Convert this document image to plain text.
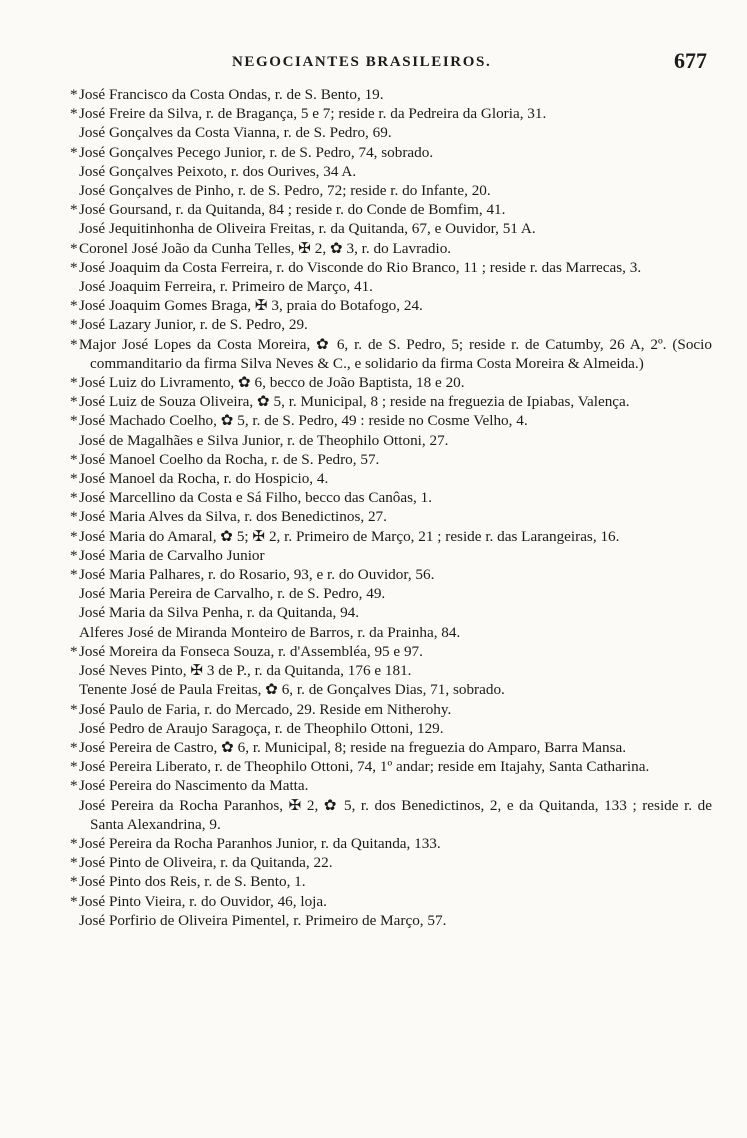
NEGOCIANTES BRASILEIROS.	677
*José Francisco da Costa Ondas, r. de S. Bento, 19.
*José Freire da Silva, r. de Bragança, 5 e 7; reside r. da Pedreira da Gloria, 31.
José Gonçalves da Costa Vianna, r. de S. Pedro, 69.
*José Gonçalves Pecego Junior, r. de S. Pedro, 74, sobrado.
José Gonçalves Peixoto, r. dos Ourives, 34 A.
José Gonçalves de Pinho, r. de S. Pedro, 72; reside r. do Infante, 20.
*José Goursand, r. da Quitanda, 84 ; reside r. do Conde de Bomfim, 41.
José Jequitinhonha de Oliveira Freitas, r. da Quitanda, 67, e Ouvidor, 51 A.
*Coronel José João da Cunha Telles, ✠ 2, ✿ 3, r. do Lavradio.
*José Joaquim da Costa Ferreira, r. do Visconde do Rio Branco, 11 ; reside r. das Marrecas, 3.
José Joaquim Ferreira, r. Primeiro de Março, 41.
*José Joaquim Gomes Braga, ✠ 3, praia do Botafogo, 24.
*José Lazary Junior, r. de S. Pedro, 29.
*Major José Lopes da Costa Moreira, ✿ 6, r. de S. Pedro, 5; reside r. de Catumby, 26 A, 2º. (Socio commanditario da firma Silva Neves & C., e solidario da firma Costa Moreira & Almeida.)
*José Luiz do Livramento, ✿ 6, becco de João Baptista, 18 e 20.
*José Luiz de Souza Oliveira, ✿ 5, r. Municipal, 8 ; reside na freguezia de Ipiabas, Valença.
*José Machado Coelho, ✿ 5, r. de S. Pedro, 49 : reside no Cosme Velho, 4.
José de Magalhães e Silva Junior, r. de Theophilo Ottoni, 27.
*José Manoel Coelho da Rocha, r. de S. Pedro, 57.
*José Manoel da Rocha, r. do Hospicio, 4.
*José Marcellino da Costa e Sá Filho, becco das Canôas, 1.
*José Maria Alves da Silva, r. dos Benedictinos, 27.
*José Maria do Amaral, ✿ 5; ✠ 2, r. Primeiro de Março, 21 ; reside r. das Larangeiras, 16.
*José Maria de Carvalho Junior
*José Maria Palhares, r. do Rosario, 93, e r. do Ouvidor, 56.
José Maria Pereira de Carvalho, r. de S. Pedro, 49.
José Maria da Silva Penha, r. da Quitanda, 94.
Alferes José de Miranda Monteiro de Barros, r. da Prainha, 84.
*José Moreira da Fonseca Souza, r. d'Assembléa, 95 e 97.
José Neves Pinto, ✠ 3 de P., r. da Quitanda, 176 e 181.
Tenente José de Paula Freitas, ✿ 6, r. de Gonçalves Dias, 71, sobrado.
*José Paulo de Faria, r. do Mercado, 29. Reside em Nitherohy.
José Pedro de Araujo Saragoça, r. de Theophilo Ottoni, 129.
*José Pereira de Castro, ✿ 6, r. Municipal, 8; reside na freguezia do Amparo, Barra Mansa.
*José Pereira Liberato, r. de Theophilo Ottoni, 74, 1º andar; reside em Itajahy, Santa Catharina.
*José Pereira do Nascimento da Matta.
José Pereira da Rocha Paranhos, ✠ 2, ✿ 5, r. dos Benedictinos, 2, e da Quitanda, 133 ; reside r. de Santa Alexandrina, 9.
*José Pereira da Rocha Paranhos Junior, r. da Quitanda, 133.
*José Pinto de Oliveira, r. da Quitanda, 22.
*José Pinto dos Reis, r. de S. Bento, 1.
*José Pinto Vieira, r. do Ouvidor, 46, loja.
José Porfirio de Oliveira Pimentel, r. Primeiro de Março, 57.
